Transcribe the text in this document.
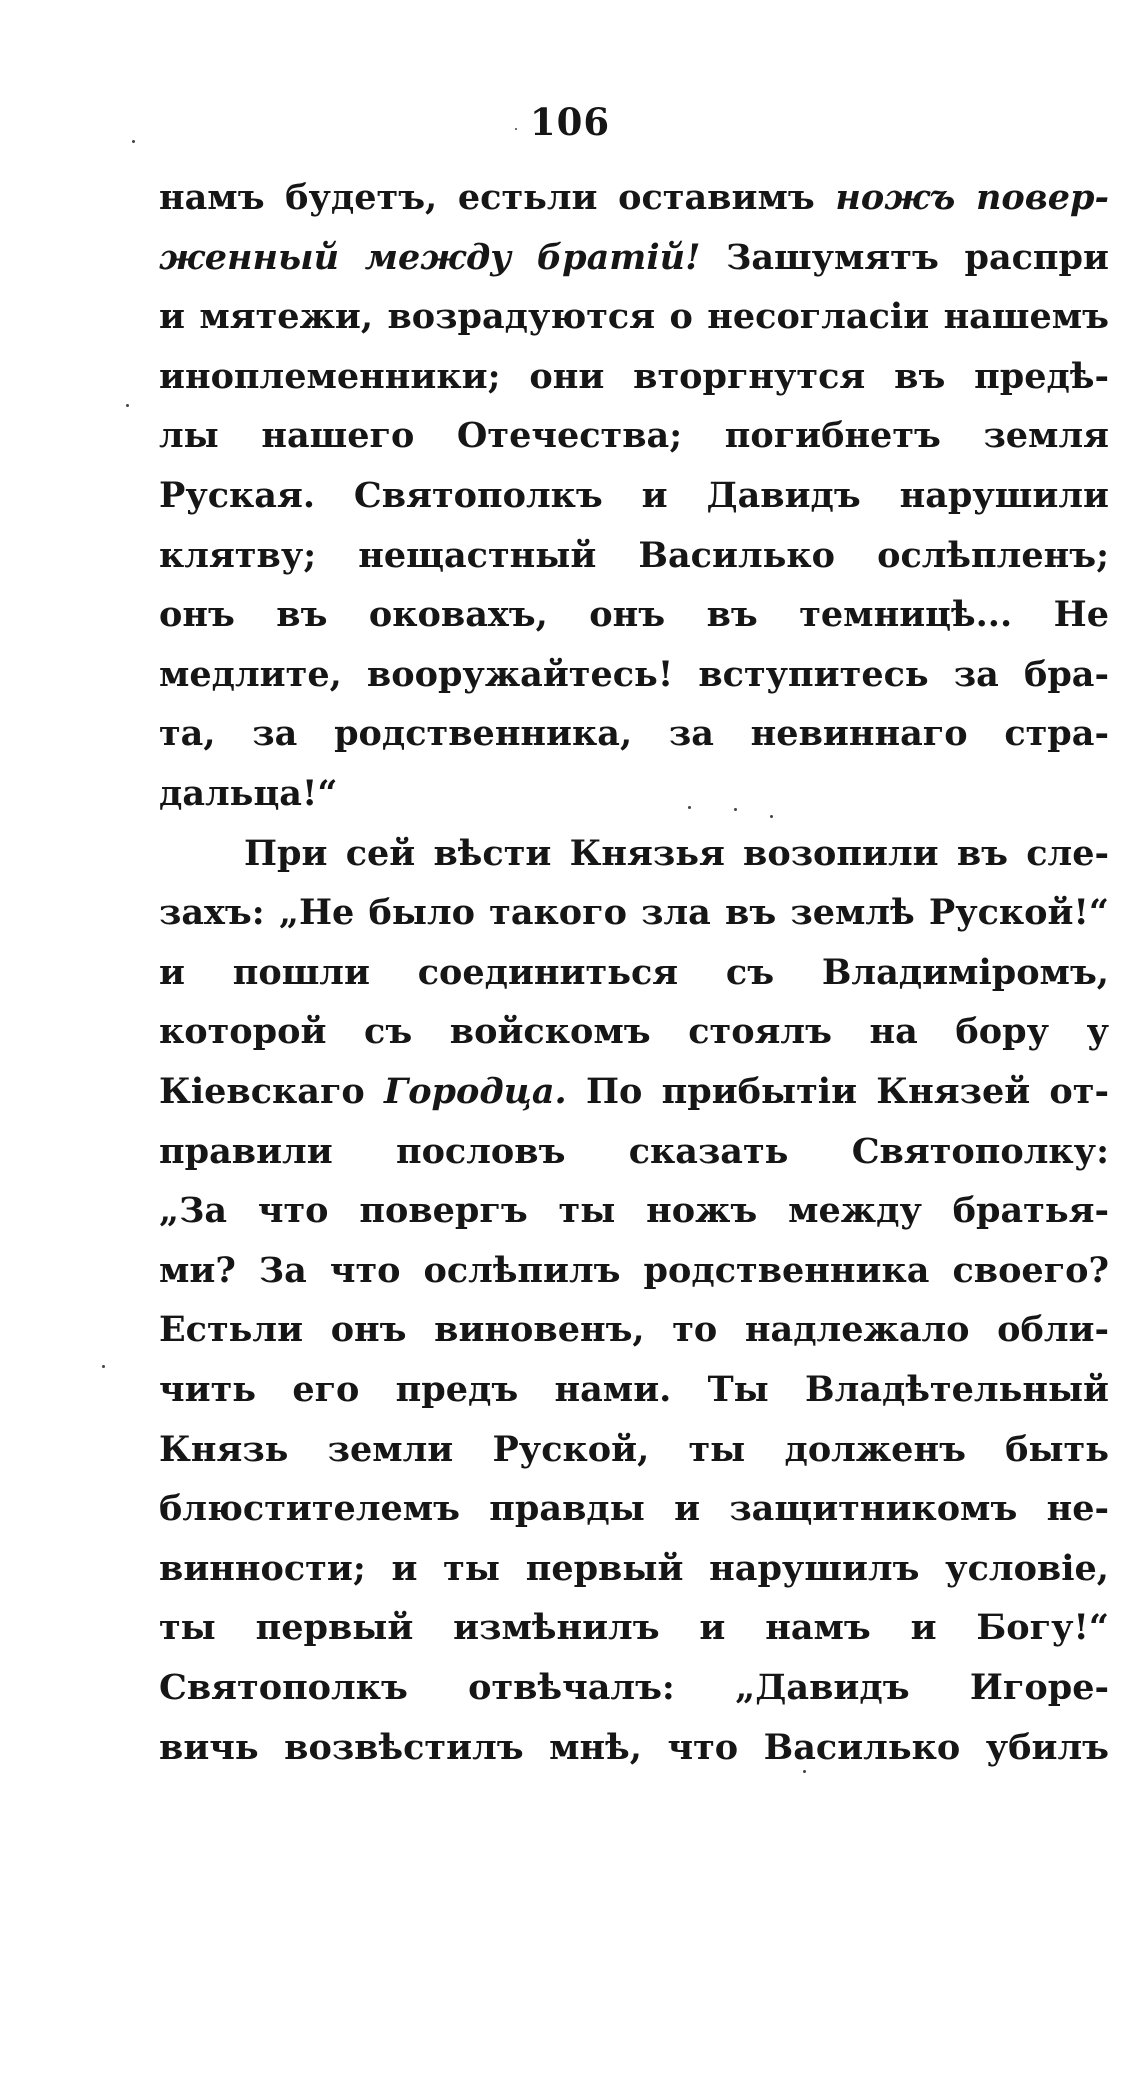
106
намъ будетъ, естьли оставимъ ножъ повер-
женный между братій! Зашумятъ распри
и мятежи, возрадуются о несогласіи нашемъ
иноплеменники; они вторгнутся въ предѣ-
лы нашего Отечества; погибнетъ земля
Руская. Святополкъ и Давидъ нарушили
клятву; нещастный Василько ослѣпленъ;
онъ въ оковахъ, онъ въ темницѣ... Не
медлите, вооружайтесь! вступитесь за бра-
та, за родственника, за невиннаго стра-
дальца!“
При сей вѣсти Князья возопили въ сле-
захъ: „Не было такого зла въ землѣ Руской!“
и пошли соединиться съ Владиміромъ,
которой съ войскомъ стоялъ на бору у
Кіевскаго Городца. По прибытіи Князей от-
правили пословъ сказать Святополку:
„За что повергъ ты ножъ между братья-
ми? За что ослѣпилъ родственника своего?
Естьли онъ виновенъ, то надлежало обли-
чить его предъ нами. Ты Владѣтельный
Князь земли Руской, ты долженъ быть
блюстителемъ правды и защитникомъ не-
винности; и ты первый нарушилъ условіе,
ты первый измѣнилъ и намъ и Богу!“
Святополкъ отвѣчалъ: „Давидъ Игоре-
вичь возвѣстилъ мнѣ, что Василько убилъ
